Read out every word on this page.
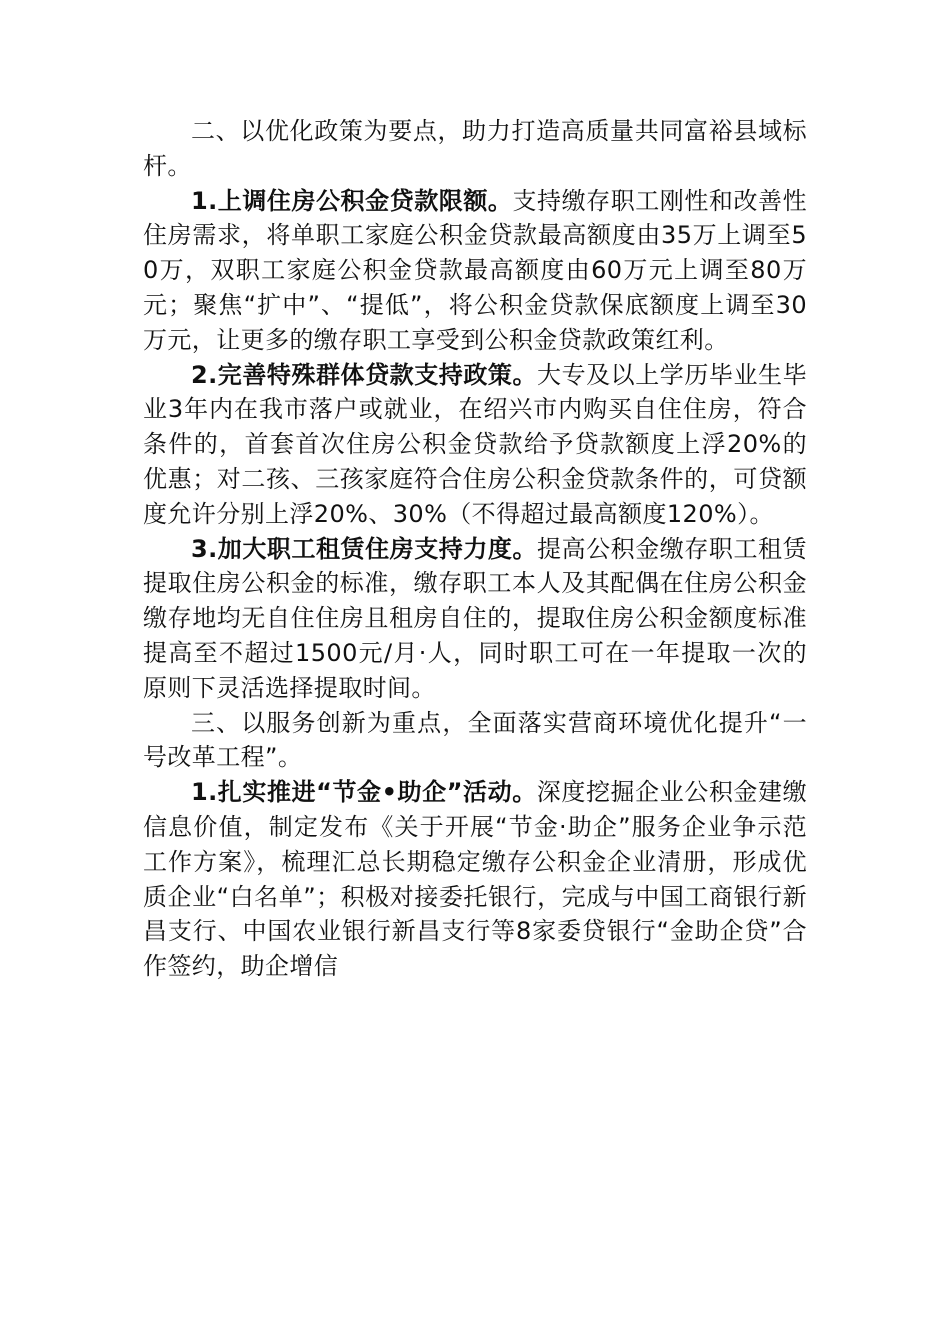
二、以优化政策为要点，助力打造高质量共同富裕县域标杆。

1.上调住房公积金贷款限额。支持缴存职工刚性和改善性住房需求，将单职工家庭公积金贷款最高额度由35万上调至50万，双职工家庭公积金贷款最高额度由60万元上调至80万元；聚焦“扩中”、“提低”，将公积金贷款保底额度上调至30万元，让更多的缴存职工享受到公积金贷款政策红利。

2.完善特殊群体贷款支持政策。大专及以上学历毕业生毕业3年内在我市落户或就业，在绍兴市内购买自住住房，符合条件的，首套首次住房公积金贷款给予贷款额度上浮20%的优惠；对二孩、三孩家庭符合住房公积金贷款条件的，可贷额度允许分别上浮20%、30%（不得超过最高额度120%）。

3.加大职工租赁住房支持力度。提高公积金缴存职工租赁提取住房公积金的标准，缴存职工本人及其配偶在住房公积金缴存地均无自住住房且租房自住的，提取住房公积金额度标准提高至不超过1500元/月·人，同时职工可在一年提取一次的原则下灵活选择提取时间。

三、以服务创新为重点，全面落实营商环境优化提升“一号改革工程”。

1.扎实推进“节金•助企”活动。深度挖掘企业公积金建缴信息价值，制定发布《关于开展“节金·助企”服务企业争示范工作方案》，梳理汇总长期稳定缴存公积金企业清册，形成优质企业“白名单”；积极对接委托银行，完成与中国工商银行新昌支行、中国农业银行新昌支行等8家委贷银行“金助企贷”合作签约，助企增信
